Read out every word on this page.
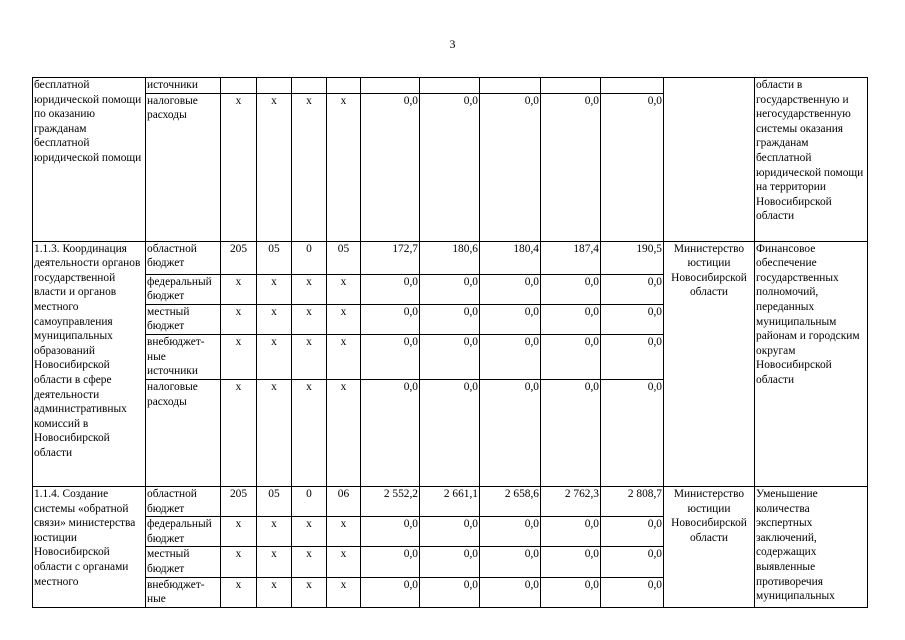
3
бесплатной юридической помощи по оказанию гражданам бесплатной юридической помощи	источники											области в государственную и негосударственную системы оказания гражданам бесплатной юридической помощи на территории Новосибирской области
	налоговые расходы	x	x	x	x	0,0	0,0	0,0	0,0	0,0		
1.1.3. Координация деятельности органов государственной власти и органов местного самоуправления муниципальных образований Новосибирской области в сфере деятельности административных комиссий в Новосибирской области	областной бюджет	205	05	0	05	172,7	180,6	180,4	187,4	190,5	Министерство юстиции Новосибирской области	Финансовое обеспечение государственных полномочий, переданных муниципальным районам и городским округам Новосибирской области
	федеральный бюджет	x	x	x	x	0,0	0,0	0,0	0,0	0,0		
	местный бюджет	x	x	x	x	0,0	0,0	0,0	0,0	0,0		
	внебюджет-ные источники	x	x	x	x	0,0	0,0	0,0	0,0	0,0		
	налоговые расходы	x	x	x	x	0,0	0,0	0,0	0,0	0,0		
1.1.4. Создание системы «обратной связи» министерства юстиции Новосибирской области с органами местного	областной бюджет	205	05	0	06	2 552,2	2 661,1	2 658,6	2 762,3	2 808,7	Министерство юстиции Новосибирской области	Уменьшение количества экспертных заключений, содержащих выявленные противоречия муниципальных
	федеральный бюджет	x	x	x	x	0,0	0,0	0,0	0,0	0,0		
	местный бюджет	x	x	x	x	0,0	0,0	0,0	0,0	0,0		
	внебюджет-ные	x	x	x	x	0,0	0,0	0,0	0,0	0,0		
